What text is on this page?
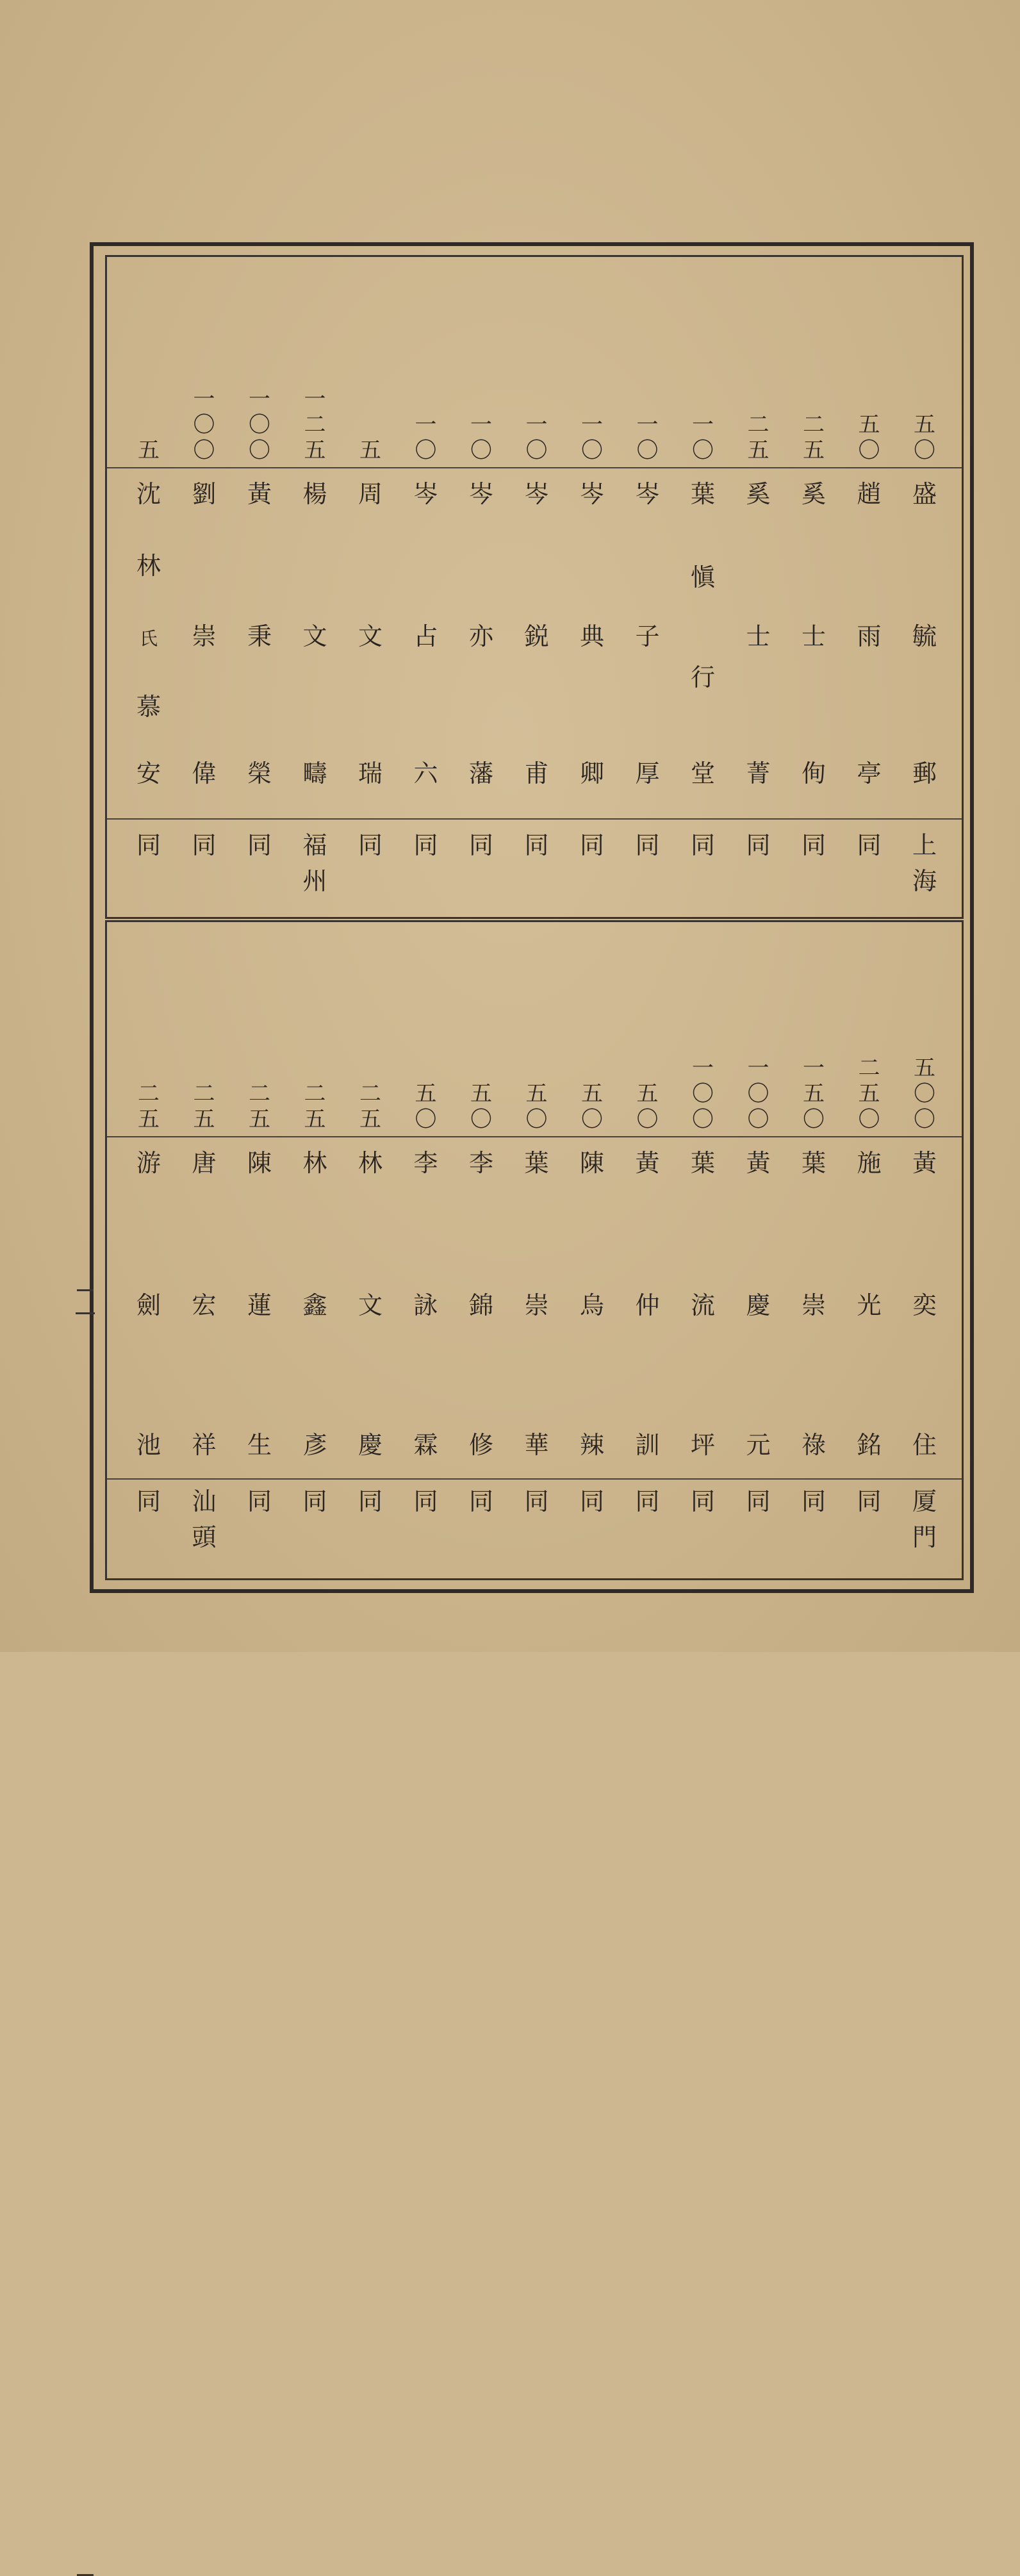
五
〇
盛
毓
郵
上
海
五
〇
趙
雨
亭
同
二
五
奚
士
侚
同
二
五
奚
士
菁
同
一
〇
葉
愼
行
堂
同
一
〇
岑
子
厚
同
一
〇
岑
典
卿
同
一
〇
岑
鋭
甫
同
一
〇
岑
亦
藩
同
一
〇
岑
占
六
同
五
周
文
瑞
同
一
二
五
楊
文
疇
福
州
一
〇
〇
黃
秉
榮
同
一
〇
〇
劉
崇
偉
同
五
沈
林
氏
慕
安
同
五
〇
〇
黃
奕
住
厦
門
二
五
〇
施
光
銘
同
一
五
〇
葉
崇
祿
同
一
〇
〇
黃
慶
元
同
一
〇
〇
葉
流
坪
同
五
〇
黃
仲
訓
同
五
〇
陳
烏
辣
同
五
〇
葉
崇
華
同
五
〇
李
錦
修
同
五
〇
李
詠
霖
同
二
五
林
文
慶
同
二
五
林
鑫
彥
同
二
五
陳
蓮
生
同
二
五
唐
宏
祥
汕
頭
二
五
游
劍
池
同
